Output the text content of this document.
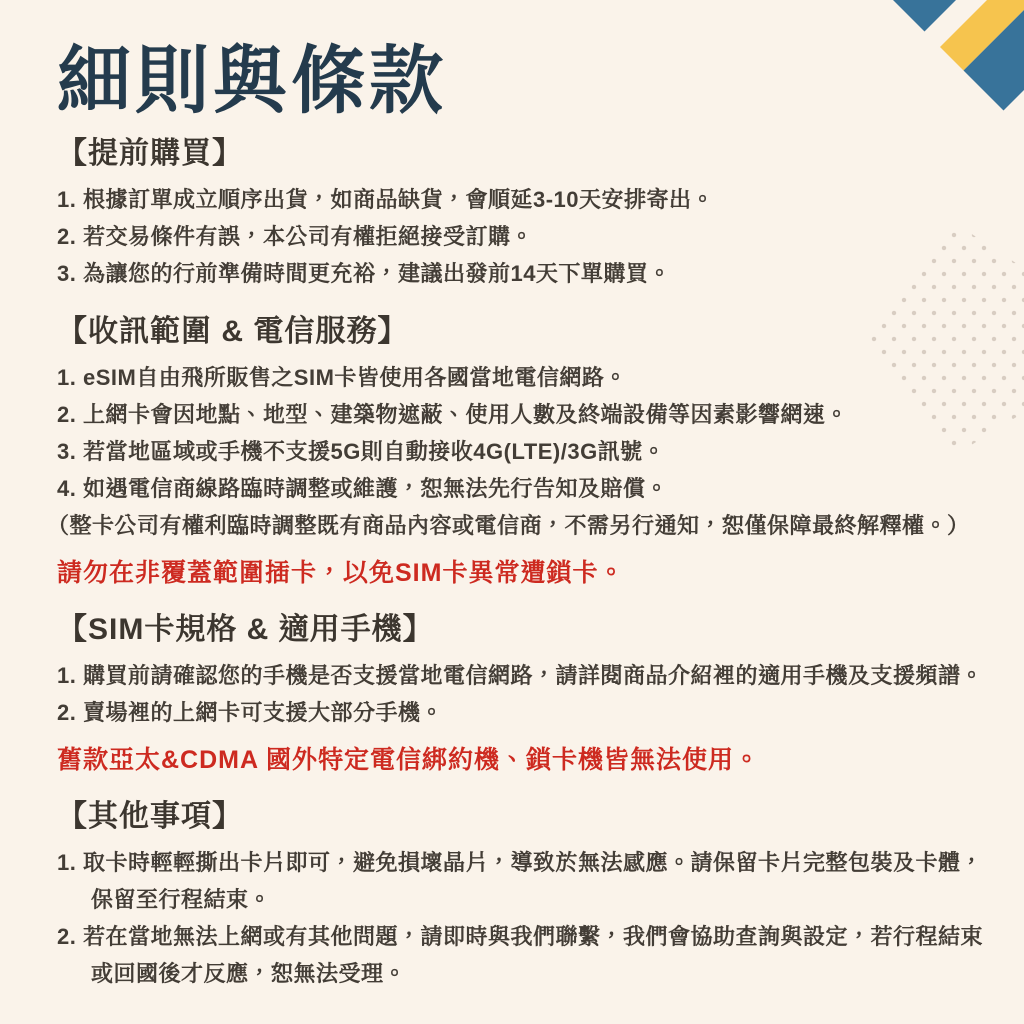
細則與條款
【提前購買】
1. 根據訂單成立順序出貨，如商品缺貨，會順延3-10天安排寄出。
2. 若交易條件有誤，本公司有權拒絕接受訂購。
3. 為讓您的行前準備時間更充裕，建議出發前14天下單購買。
【收訊範圍 & 電信服務】
1. eSIM自由飛所販售之SIM卡皆使用各國當地電信網路。
2. 上網卡會因地點、地型、建築物遮蔽、使用人數及終端設備等因素影響網速。
3. 若當地區域或手機不支援5G則自動接收4G(LTE)/3G訊號。
4. 如遇電信商線路臨時調整或維護，恕無法先行告知及賠償。
（整卡公司有權利臨時調整既有商品內容或電信商，不需另行通知，恕僅保障最終解釋權。）
請勿在非覆蓋範圍插卡，以免SIM卡異常遭鎖卡。
【SIM卡規格 & 適用手機】
1. 購買前請確認您的手機是否支援當地電信網路，請詳閱商品介紹裡的適用手機及支援頻譜。
2. 賣場裡的上網卡可支援大部分手機。
舊款亞太&CDMA 國外特定電信綁約機、鎖卡機皆無法使用。
【其他事項】
1. 取卡時輕輕撕出卡片即可，避免損壞晶片，導致於無法感應。請保留卡片完整包裝及卡體，保留至行程結束。
2. 若在當地無法上網或有其他問題，請即時與我們聯繫，我們會協助查詢與設定，若行程結束或回國後才反應，恕無法受理。
